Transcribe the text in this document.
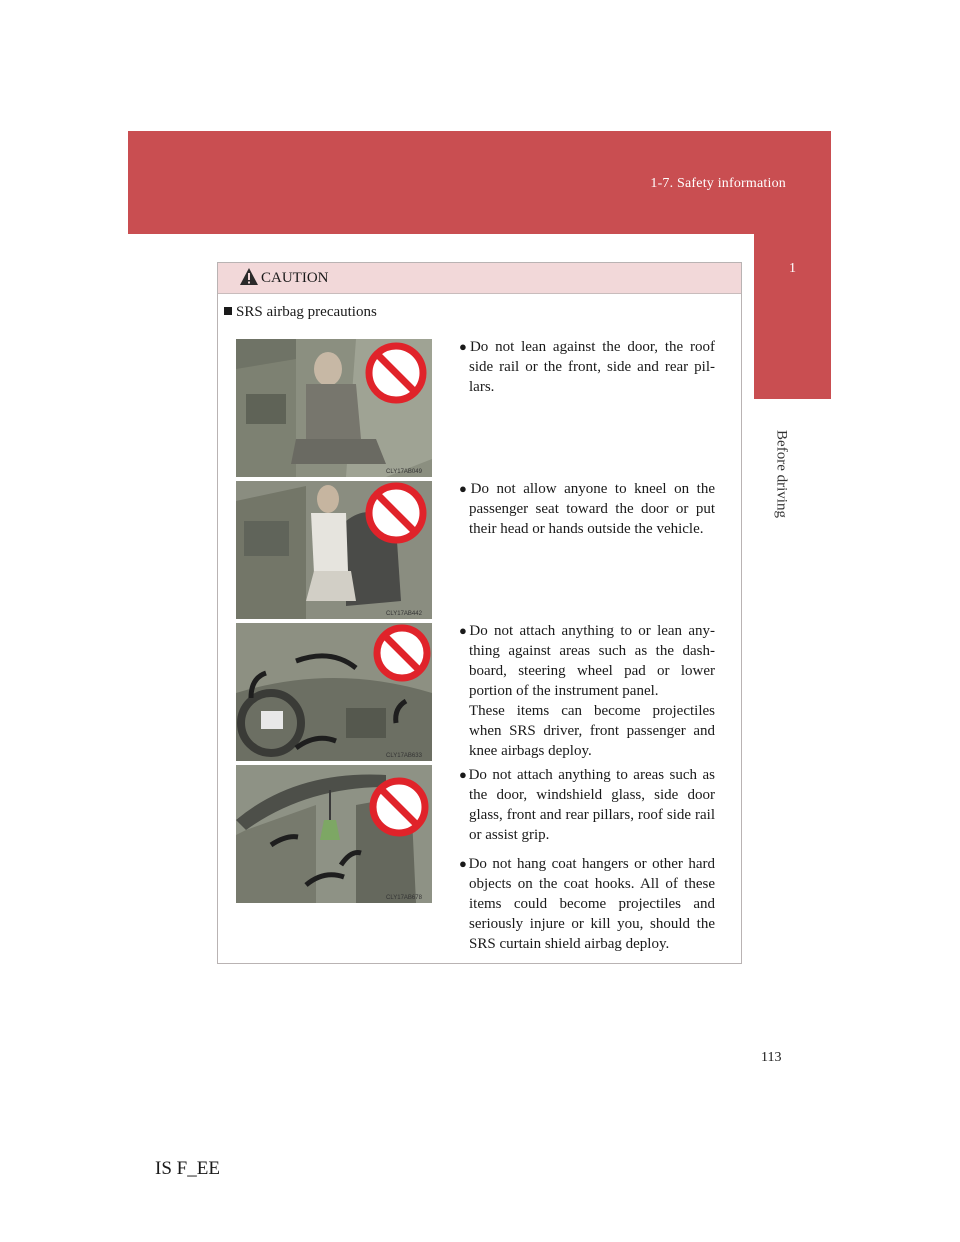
1-7. Safety information
1
Before driving
CAUTION
SRS airbag precautions
CLY17AB049

●Do not lean against the door, the roof side rail or the front, side and rear pil-lars.

CLY17AB442

●Do not allow anyone to kneel on the passenger seat toward the door or put their head or hands outside the vehicle.

CLY17AB633

●Do not attach anything to or lean any-thing against areas such as the dash-board, steering wheel pad or lower portion of the instrument panel.

These items can become projectiles when SRS driver, front passenger and knee airbags deploy.

CLY17AB678

●Do not attach anything to areas such as the door, windshield glass, side door glass, front and rear pillars, roof side rail or assist grip.

●Do not hang coat hangers or other hard objects on the coat hooks. All of these items could become projectiles and seriously injure or kill you, should the SRS curtain shield airbag deploy.

113
IS F_EE
